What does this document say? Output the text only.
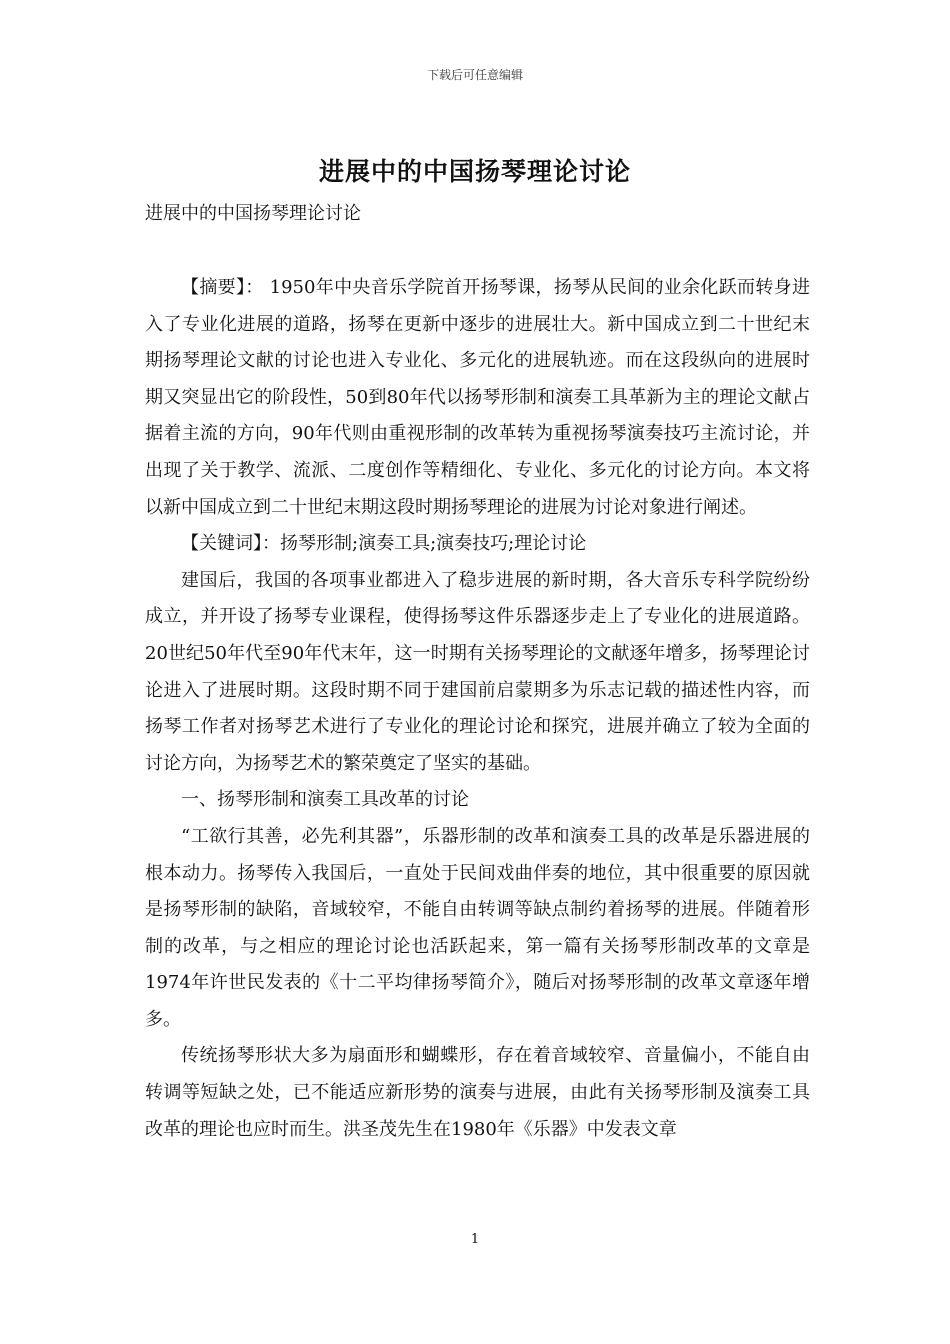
下载后可任意编辑
进展中的中国扬琴理论讨论
进展中的中国扬琴理论讨论

【摘要】： 1950年中央音乐学院首开扬琴课，扬琴从民间的业余化跃而转身进入了专业化进展的道路，扬琴在更新中逐步的进展壮大。新中国成立到二十世纪末期扬琴理论文献的讨论也进入专业化、多元化的进展轨迹。而在这段纵向的进展时期又突显出它的阶段性，50到80年代以扬琴形制和演奏工具革新为主的理论文献占据着主流的方向，90年代则由重视形制的改革转为重视扬琴演奏技巧主流讨论，并出现了关于教学、流派、二度创作等精细化、专业化、多元化的讨论方向。本文将以新中国成立到二十世纪末期这段时期扬琴理论的进展为讨论对象进行阐述。

【关键词】：扬琴形制;演奏工具;演奏技巧;理论讨论

建国后，我国的各项事业都进入了稳步进展的新时期，各大音乐专科学院纷纷成立，并开设了扬琴专业课程，使得扬琴这件乐器逐步走上了专业化的进展道路。20世纪50年代至90年代末年，这一时期有关扬琴理论的文献逐年增多，扬琴理论讨论进入了进展时期。这段时期不同于建国前启蒙期多为乐志记载的描述性内容，而扬琴工作者对扬琴艺术进行了专业化的理论讨论和探究，进展并确立了较为全面的讨论方向，为扬琴艺术的繁荣奠定了坚实的基础。

一、扬琴形制和演奏工具改革的讨论

“工欲行其善，必先利其器”，乐器形制的改革和演奏工具的改革是乐器进展的根本动力。扬琴传入我国后，一直处于民间戏曲伴奏的地位，其中很重要的原因就是扬琴形制的缺陷，音域较窄，不能自由转调等缺点制约着扬琴的进展。伴随着形制的改革，与之相应的理论讨论也活跃起来，第一篇有关扬琴形制改革的文章是1974年许世民发表的《十二平均律扬琴简介》，随后对扬琴形制的改革文章逐年增多。

传统扬琴形状大多为扇面形和蝴蝶形，存在着音域较窄、音量偏小，不能自由转调等短缺之处，已不能适应新形势的演奏与进展，由此有关扬琴形制及演奏工具改革的理论也应时而生。洪圣茂先生在1980年《乐器》中发表文章

1
